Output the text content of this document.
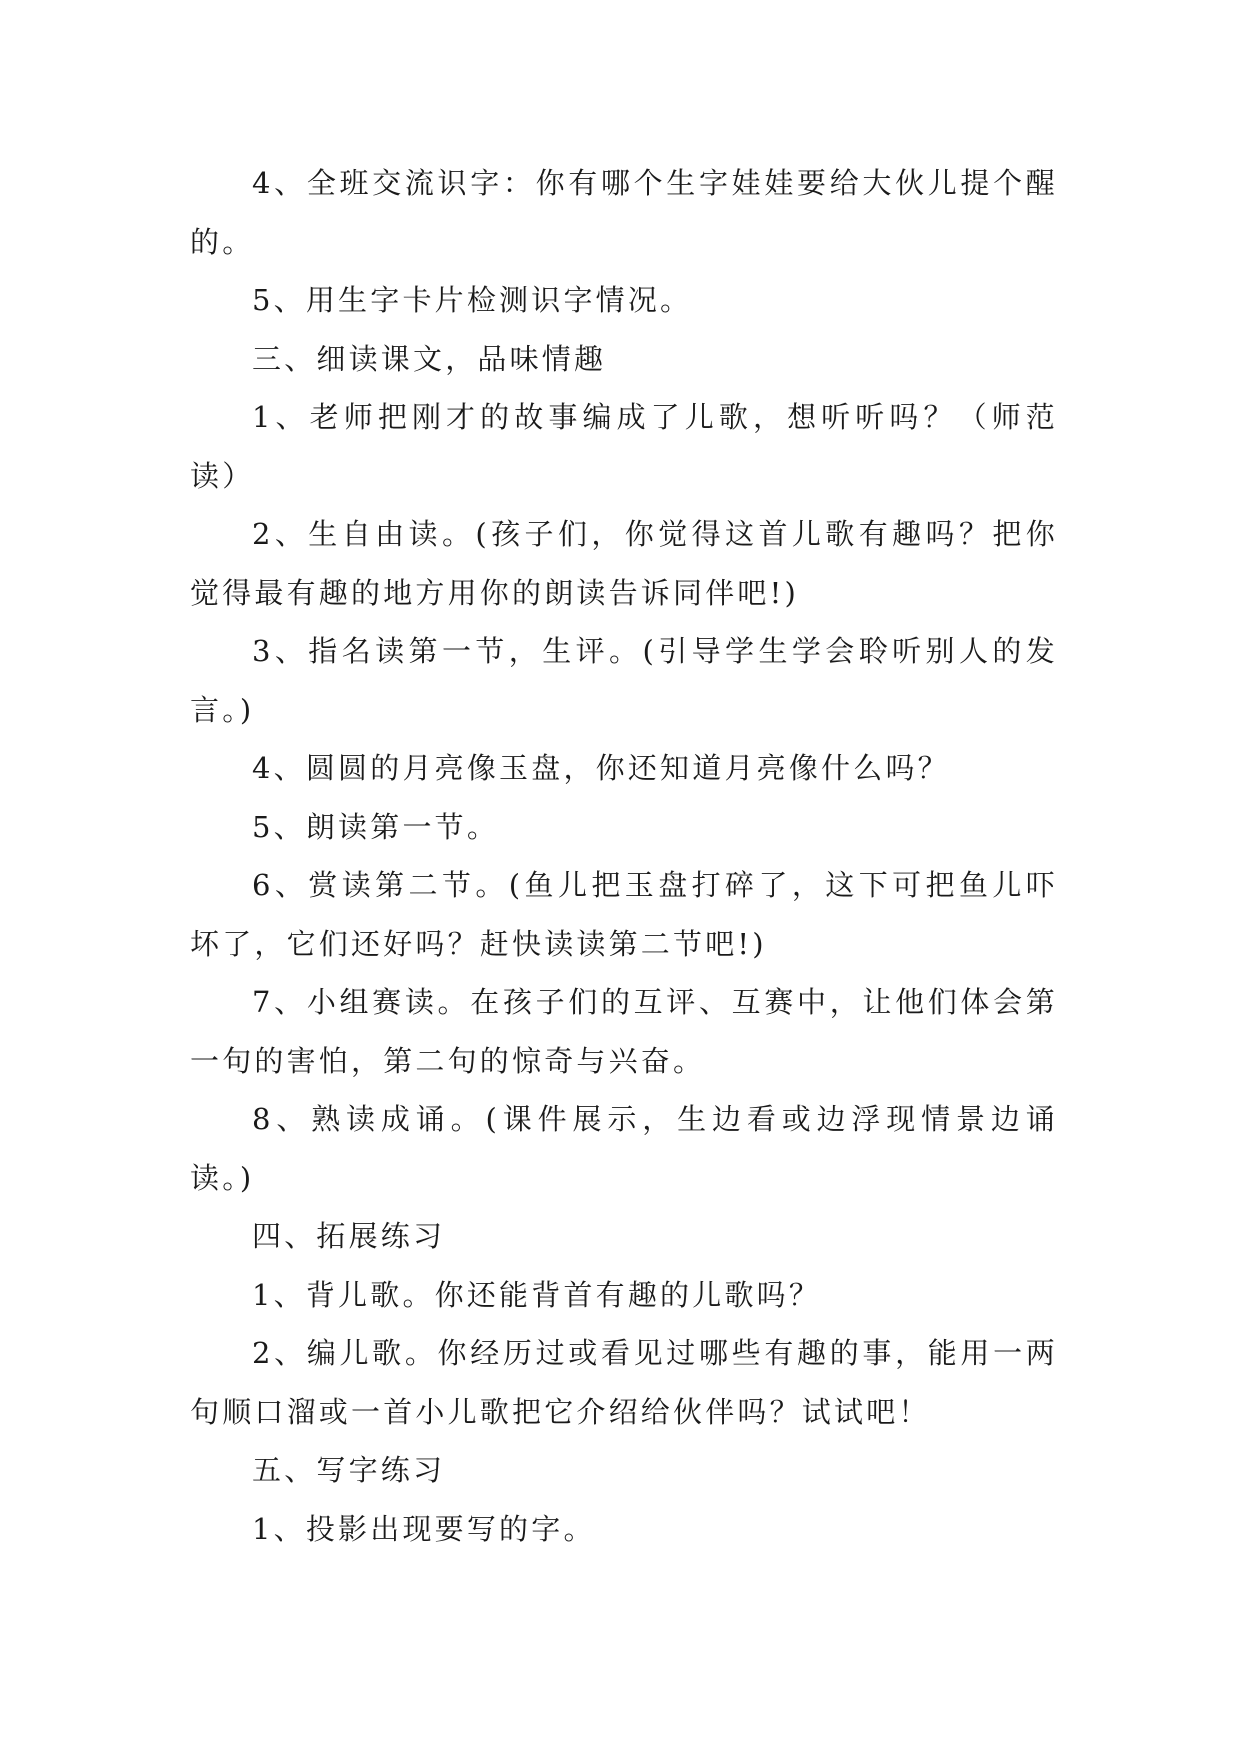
4、全班交流识字：你有哪个生字娃娃要给大伙儿提个醒的。

5、用生字卡片检测识字情况。

三、细读课文，品味情趣

1、老师把刚才的故事编成了儿歌，想听听吗？（师范读）

2、生自由读。(孩子们，你觉得这首儿歌有趣吗？把你觉得最有趣的地方用你的朗读告诉同伴吧!)

3、指名读第一节，生评。(引导学生学会聆听别人的发言。)

4、圆圆的月亮像玉盘，你还知道月亮像什么吗？

5、朗读第一节。

6、赏读第二节。(鱼儿把玉盘打碎了，这下可把鱼儿吓坏了，它们还好吗？赶快读读第二节吧!)

7、小组赛读。在孩子们的互评、互赛中，让他们体会第一句的害怕，第二句的惊奇与兴奋。

8、熟读成诵。(课件展示，生边看或边浮现情景边诵读。)

四、拓展练习

1、背儿歌。你还能背首有趣的儿歌吗？

2、编儿歌。你经历过或看见过哪些有趣的事，能用一两句顺口溜或一首小儿歌把它介绍给伙伴吗？试试吧！

五、写字练习

1、投影出现要写的字。
